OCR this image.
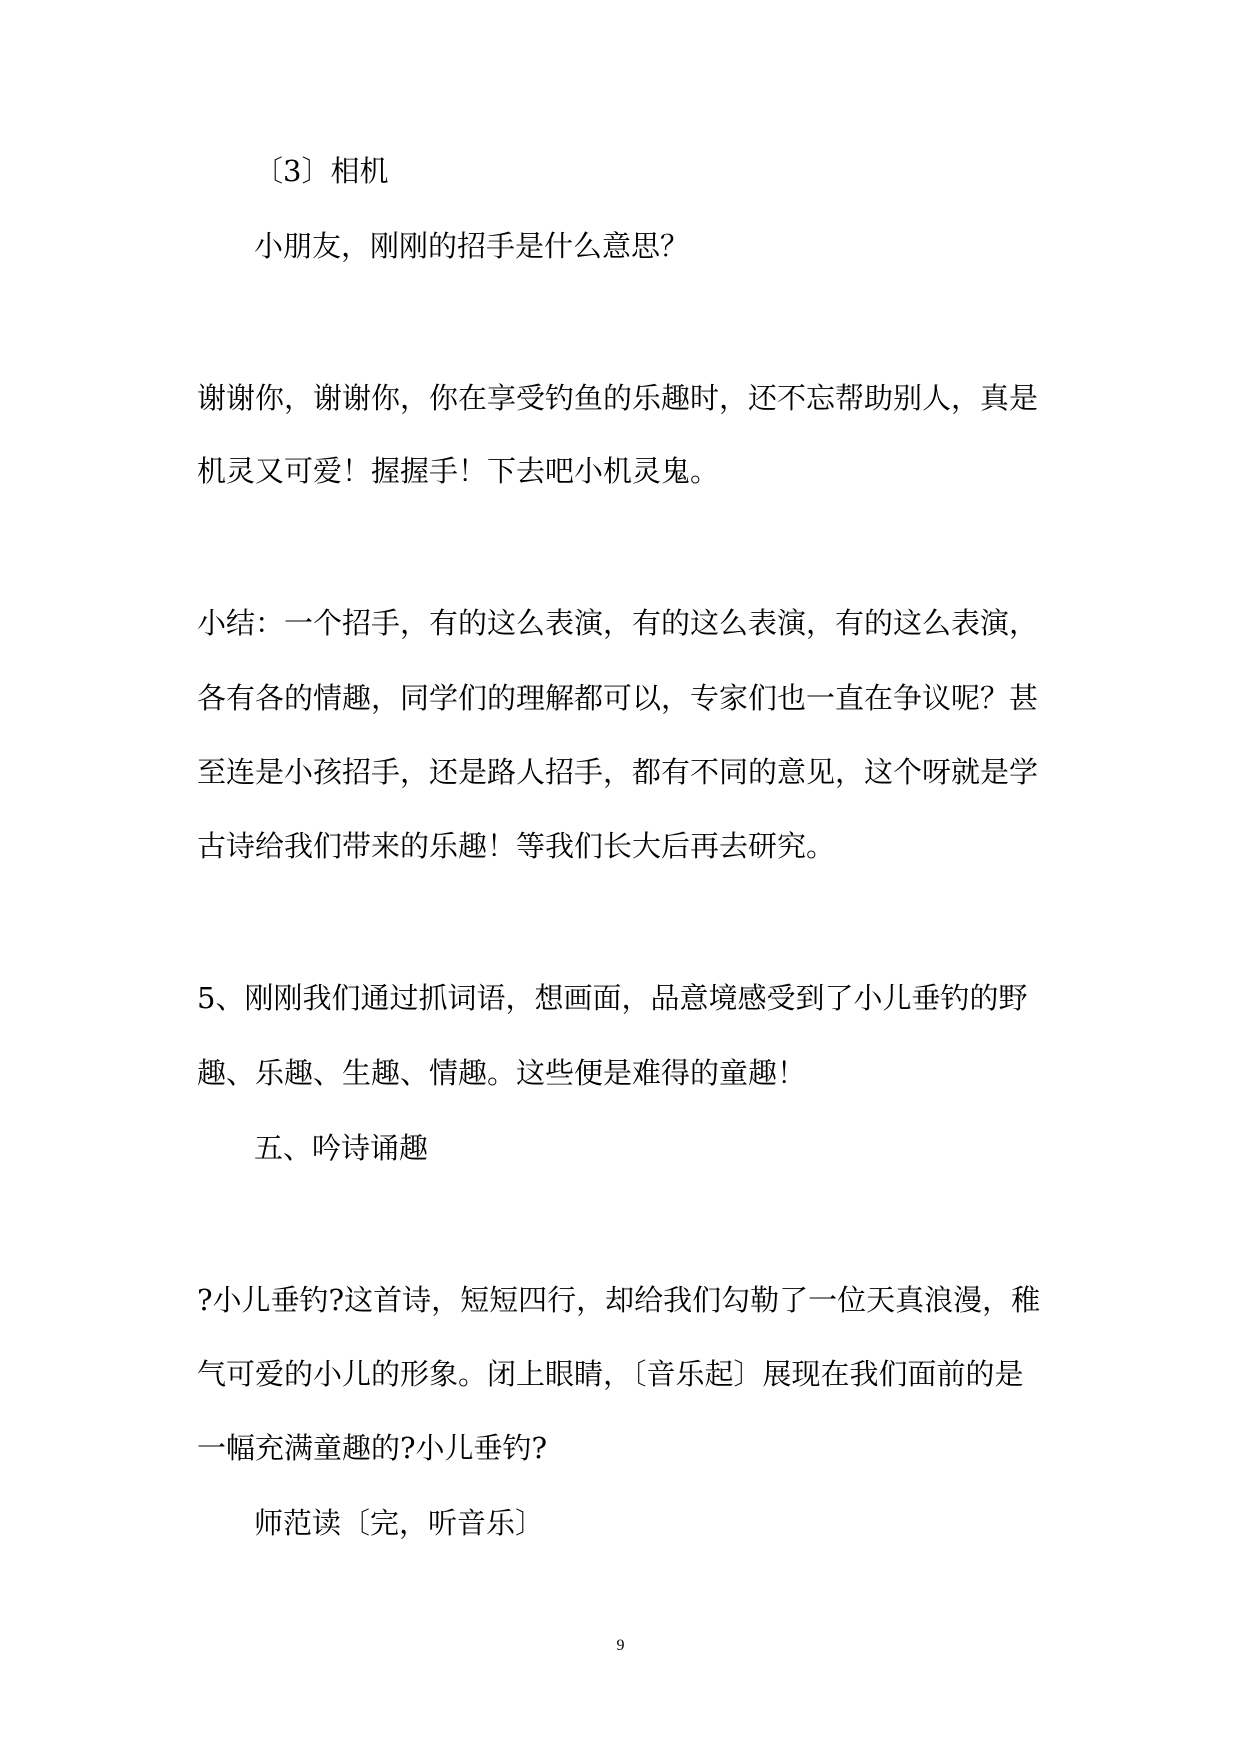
〔3〕相机
小朋友，刚刚的招手是什么意思？
谢谢你，谢谢你，你在享受钓鱼的乐趣时，还不忘帮助别人，真是
机灵又可爱！握握手！下去吧小机灵鬼。
小结：一个招手，有的这么表演，有的这么表演，有的这么表演，
各有各的情趣，同学们的理解都可以，专家们也一直在争议呢？甚
至连是小孩招手，还是路人招手，都有不同的意见，这个呀就是学
古诗给我们带来的乐趣！等我们长大后再去研究。
5、刚刚我们通过抓词语，想画面，品意境感受到了小儿垂钓的野
趣、乐趣、生趣、情趣。这些便是难得的童趣！
五、吟诗诵趣
?小儿垂钓?这首诗，短短四行，却给我们勾勒了一位天真浪漫，稚
气可爱的小儿的形象。闭上眼睛，〔音乐起〕展现在我们面前的是
一幅充满童趣的?小儿垂钓?
师范读〔完，听音乐〕
9
